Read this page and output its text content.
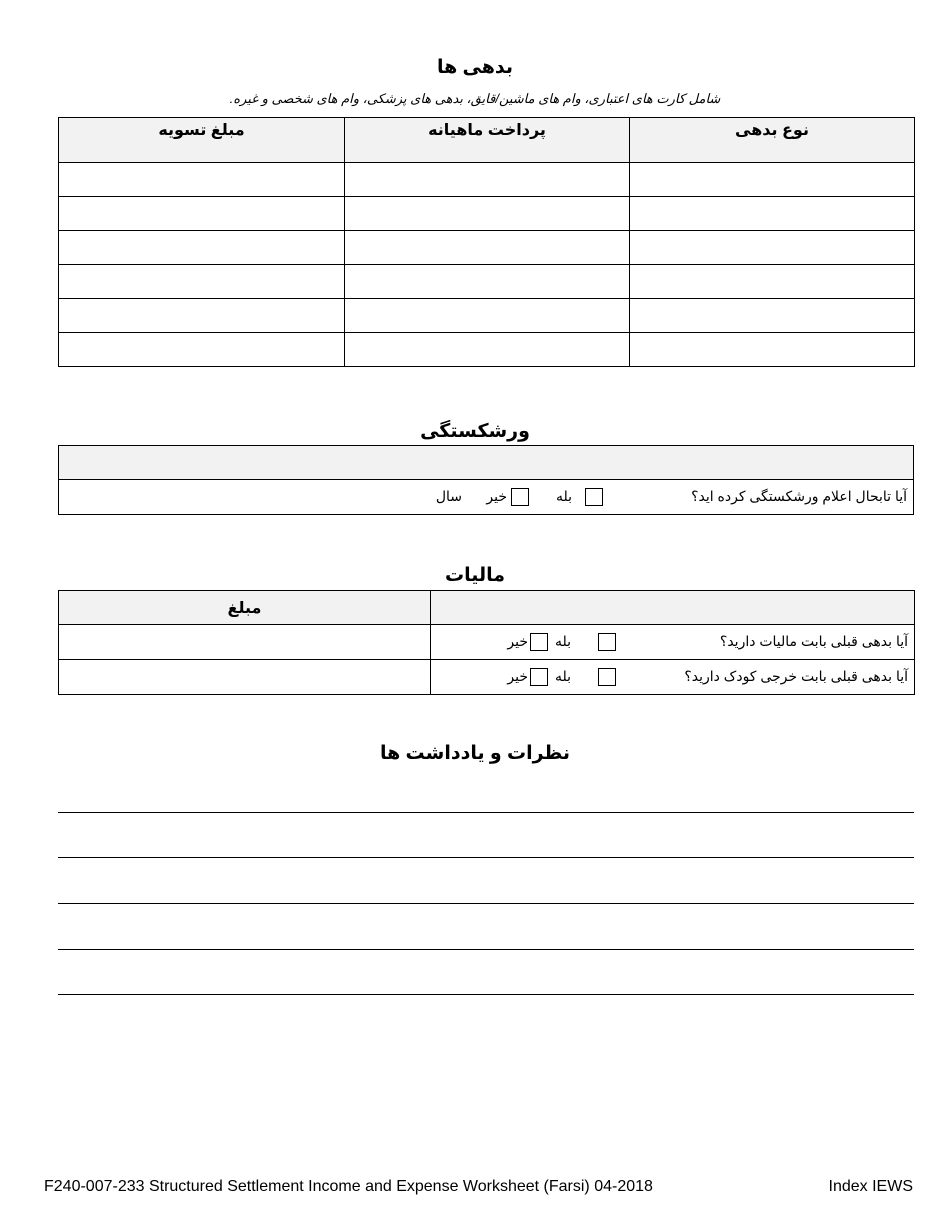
بدهی ها
شامل کارت های اعتباری، وام های ماشین/قایق، بدهی های پزشکی، وام های شخصی و غیره.
نوع بدهی	پرداخت ماهیانه	مبلغ تسویه

ورشکستگی

آیا تابحال اعلام ورشکستگی کرده اید؟
بله
خیر
سال
مالیات
	مبلغ

آیا بدهی قبلی بابت مالیات دارید؟
بله
خیر	

آیا بدهی قبلی بابت خرجی کودک دارید؟
بله
خیر	

نظرات و یادداشت ها
F240-007-233 Structured Settlement Income and Expense Worksheet (Farsi) 04-2018	Index IEWS
